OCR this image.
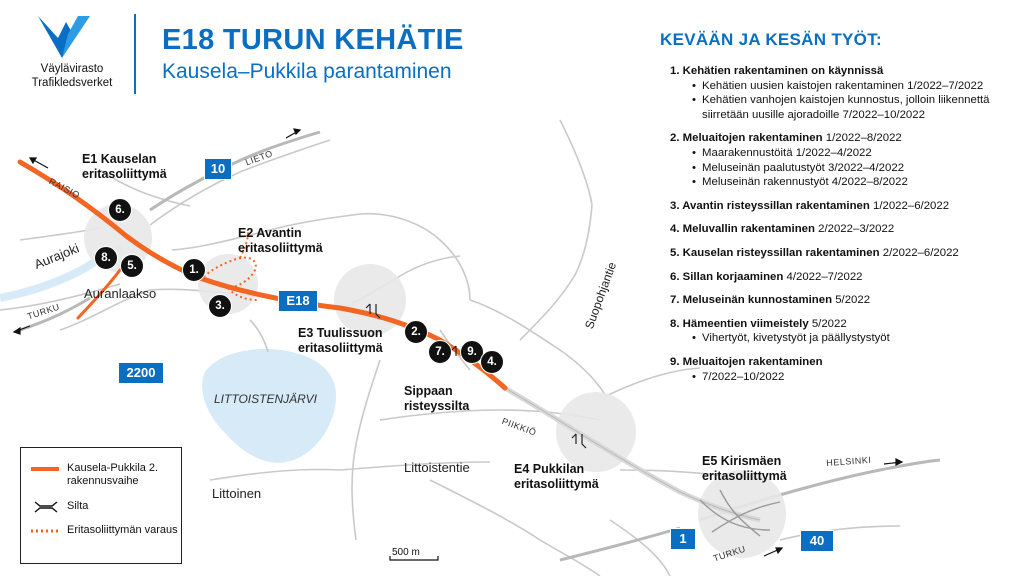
Väylävirasto
Trafikledsverket
E18 TURUN KEHÄTIE
Kausela–Pukkila parantaminen
KEVÄÄN JA KESÄN TYÖT:
1. Kehätien rakentaminen on käynnissä
• Kehätien uusien kaistojen rakentaminen 1/2022–7/2022
• Kehätien vanhojen kaistojen kunnostus, jolloin liikennettä siirretään uusille ajoradoille 7/2022–10/2022
2. Meluaitojen rakentaminen 1/2022–8/2022
• Maarakennustöitä 1/2022–4/2022
• Meluseinän paalutustyöt 3/2022–4/2022
• Meluseinän rakennustyöt 4/2022–8/2022
3. Avantin risteyssillan rakentaminen 1/2022–6/2022
4. Meluvallin rakentaminen 2/2022–3/2022
5. Kauselan risteyssillan rakentaminen 2/2022–6/2022
6. Sillan korjaaminen 4/2022–7/2022
7. Meluseinän kunnostaminen 5/2022
8. Hämeentien viimeistely 5/2022
• Vihertyöt, kivetystyöt ja päällystystyöt
9. Meluaitojen rakentaminen
• 7/2022–10/2022
E1 Kauselan
eritasoliittymä
E2 Avantin
eritasoliittymä
E3 Tuulissuon
eritasoliittymä
Sippaan
risteyssilta
E4 Pukkilan
eritasoliittymä
E5 Kirismäen
eritasoliittymä
Aurajoki
Auranlaakso
LITTOISTENJÄRVI
Littoinen
Littoistentie
Suopohjantie
RAISIO
LIETO
TURKU
PIIKKIÖ
HELSINKI
TURKU
10
E18
2200
1	40
6.
8.
5.	1.
3.
2.
7.	9.
4.
500 m
Kausela-Pukkila 2. rakennusvaihe
Silta
Eritasoliittymän varaus
